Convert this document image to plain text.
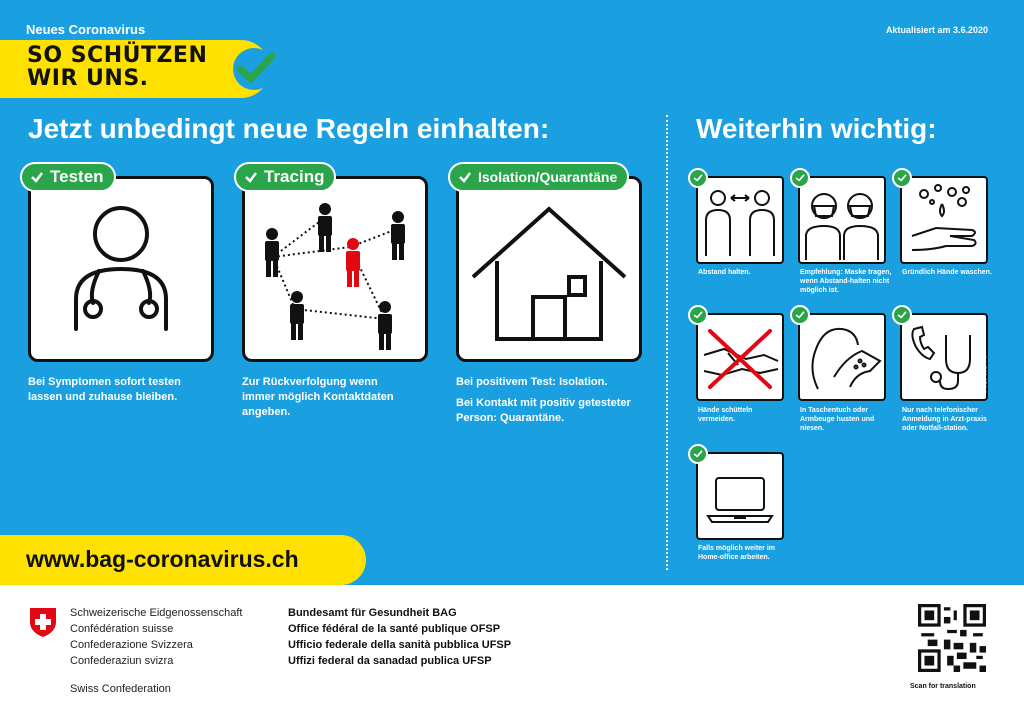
Neues Coronavirus	Aktualisiert am 3.6.2020
SO SCHÜTZEN
WIR UNS.
Jetzt unbedingt neue Regeln einhalten:	Weiterhin wichtig:
Testen
Bei Symptomen sofort testen
lassen und zuhause bleiben.
Tracing
Zur Rückverfolgung wenn
immer möglich Kontaktdaten
angeben.
Isolation/Quarantäne
Bei positivem Test: Isolation.
Bei Kontakt mit positiv getesteter
Person: Quarantäne.
Abstand halten.	Empfehlung: Maske tragen, wenn Abstand-halten nicht möglich ist.
Gründlich Hände waschen.
Hände schütteln vermeiden.
In Taschentuch oder Armbeuge husten und niesen.
Nur nach telefonischer Anmeldung in Arzt-praxis oder Notfall-station.
Falls möglich weiter im Home-office arbeiten.
Art. 316.624.d
www.bag-coronavirus.ch
Schweizerische Eidgenossenschaft
Confédération suisse
Confederazione Svizzera
Confederaziun svizra
Swiss Confederation
Bundesamt für Gesundheit BAG
Office fédéral de la santé publique OFSP
Ufficio federale della sanità pubblica UFSP
Uffizi federal da sanadad publica UFSP
Scan for translation
